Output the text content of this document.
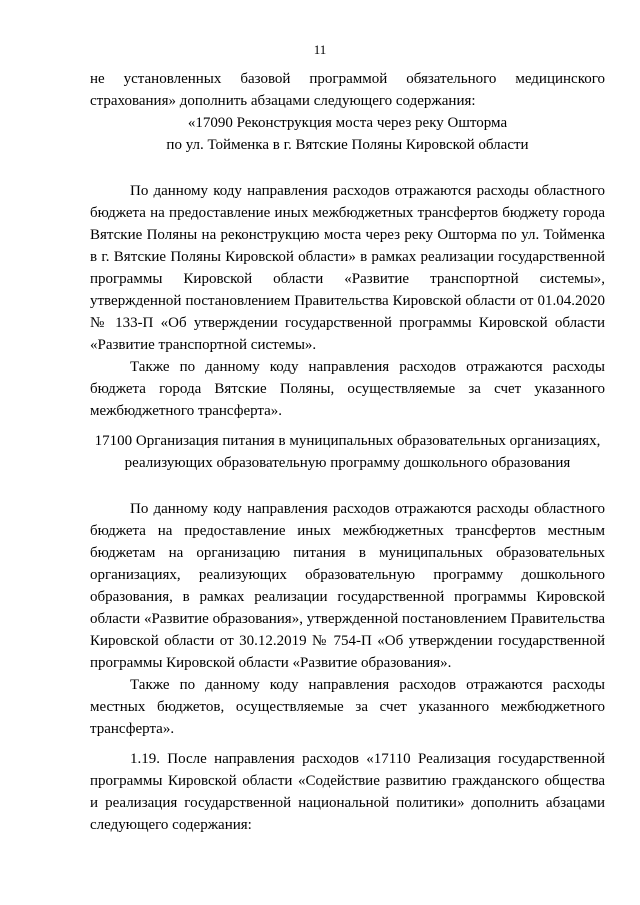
11

не установленных базовой программой обязательного медицинского страхования» дополнить абзацами следующего содержания:

«17090 Реконструкция моста через реку Ошторма

по ул. Тойменка в г. Вятские Поляны Кировской области

По данному коду направления расходов отражаются расходы областного бюджета на предоставление иных межбюджетных трансфертов бюджету города Вятские Поляны на реконструкцию моста через реку Ошторма по ул. Тойменка в г. Вятские Поляны Кировской области» в рамках реализации государственной программы Кировской области «Развитие транспортной системы», утвержденной постановлением Правительства Кировской области от 01.04.2020 № 133-П «Об утверждении государственной программы Кировской области «Развитие транспортной системы».

Также по данному коду направления расходов отражаются расходы бюджета города Вятские Поляны, осуществляемые за счет указанного межбюджетного трансферта».

17100 Организация питания в муниципальных образовательных организациях,

реализующих образовательную программу дошкольного образования

По данному коду направления расходов отражаются расходы областного бюджета на предоставление иных межбюджетных трансфертов местным бюджетам на организацию питания в муниципальных образовательных организациях, реализующих образовательную программу дошкольного образования, в рамках реализации государственной программы Кировской области «Развитие образования», утвержденной постановлением Правительства Кировской области от 30.12.2019 № 754-П «Об утверждении государственной программы Кировской области «Развитие образования».

Также по данному коду направления расходов отражаются расходы местных бюджетов, осуществляемые за счет указанного межбюджетного трансферта».

1.19. После направления расходов «17110 Реализация государственной программы Кировской области «Содействие развитию гражданского общества и реализация государственной национальной политики» дополнить абзацами следующего содержания:
